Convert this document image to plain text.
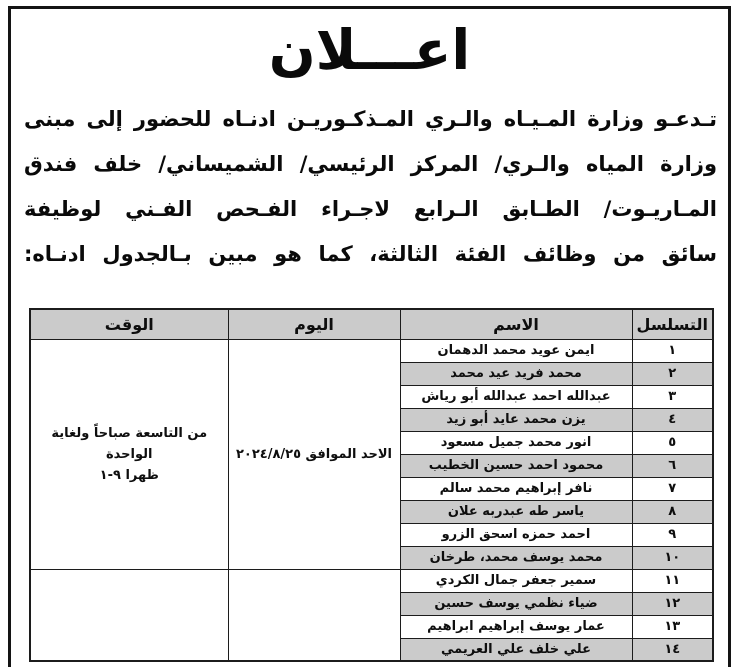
اعـــلان
تـدعـو وزارة المـيـاه والـري المـذكـوريـن ادنـاه للحضور إلى مبنى
وزارة المياه والـري/ المركز الرئيسي/ الشميساني/ خلف فندق
المـاريـوت/ الطـابق الـرابع لاجـراء الفـحص الفـني لوظيفة
سائق من وظائف الفئة الثالثة، كما هو مبين بـالجدول ادنـاه:
التسلسل	الاسم	اليوم	الوقت
١	ايمن عويد محمد الدهمان	الاحد الموافق ٢٠٢٤/٨/٢٥	من التاسعة صباحاً ولغاية الواحدة
ظهرا ٩-١
٢	محمد فريد عيد محمد		
٣	عبدالله احمد عبدالله أبو رياش		
٤	يزن محمد عايد أبو زيد		
٥	انور محمد جميل مسعود		
٦	محمود احمد حسين الخطيب		
٧	نافر إبراهيم محمد سالم		
٨	ياسر طه عبدربه علان		
٩	احمد حمزه اسحق الزرو		
١٠	محمد يوسف محمد، طرخان		
١١	سمير جعفر جمال الكردي		
١٢	ضياء نظمي يوسف حسين		
١٣	عمار يوسف إبراهيم ابراهيم		
١٤	علي خلف علي العريمي		
